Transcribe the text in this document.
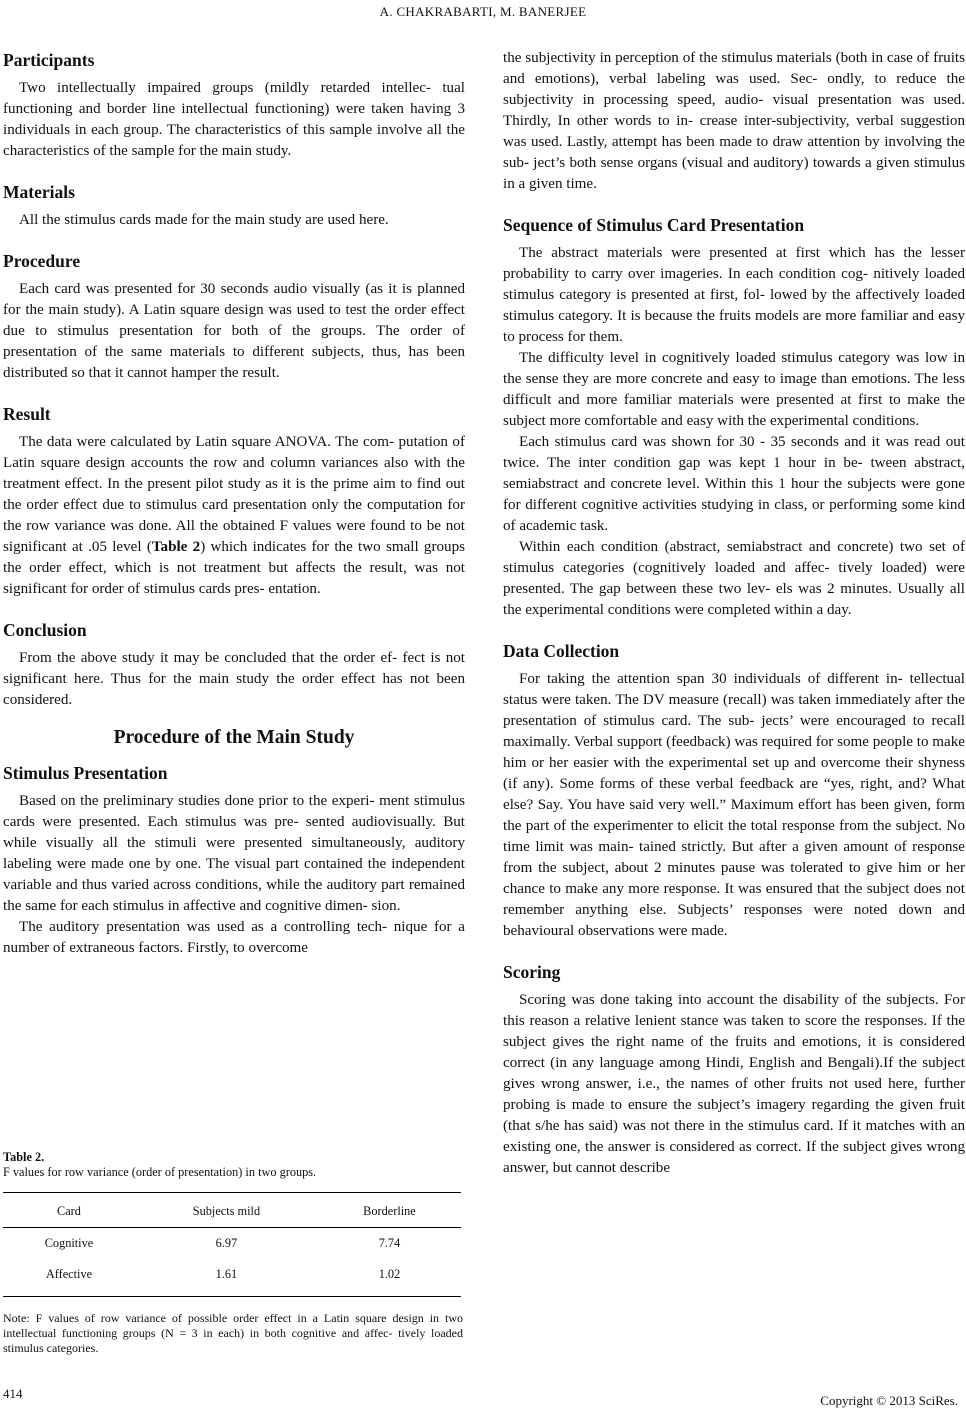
A. CHAKRABARTI, M. BANERJEE
Participants

Two intellectually impaired groups (mildly retarded intellec- tual functioning and border line intellectual functioning) were taken having 3 individuals in each group. The characteristics of this sample involve all the characteristics of the sample for the main study.

Materials

All the stimulus cards made for the main study are used here.

Procedure

Each card was presented for 30 seconds audio visually (as it is planned for the main study). A Latin square design was used to test the order effect due to stimulus presentation for both of the groups. The order of presentation of the same materials to different subjects, thus, has been distributed so that it cannot hamper the result.

Result

The data were calculated by Latin square ANOVA. The com- putation of Latin square design accounts the row and column variances also with the treatment effect. In the present pilot study as it is the prime aim to find out the order effect due to stimulus card presentation only the computation for the row variance was done. All the obtained F values were found to be not significant at .05 level (Table 2) which indicates for the two small groups the order effect, which is not treatment but affects the result, was not significant for order of stimulus cards pres- entation.

Conclusion

From the above study it may be concluded that the order ef- fect is not significant here. Thus for the main study the order effect has not been considered.

Procedure of the Main Study
Stimulus Presentation

Based on the preliminary studies done prior to the experi- ment stimulus cards were presented. Each stimulus was pre- sented audiovisually. But while visually all the stimuli were presented simultaneously, auditory labeling were made one by one. The visual part contained the independent variable and thus varied across conditions, while the auditory part remained the same for each stimulus in affective and cognitive dimen- sion.

The auditory presentation was used as a controlling tech- nique for a number of extraneous factors. Firstly, to overcome

Table 2.
F values for row variance (order of presentation) in two groups.
Card	Subjects mild	Borderline
Cognitive	6.97	7.74
Affective	1.61	1.02
Note: F values of row variance of possible order effect in a Latin square design in two intellectual functioning groups (N = 3 in each) in both cognitive and affec- tively loaded stimulus categories.

the subjectivity in perception of the stimulus materials (both in case of fruits and emotions), verbal labeling was used. Sec- ondly, to reduce the subjectivity in processing speed, audio- visual presentation was used. Thirdly, In other words to in- crease inter-subjectivity, verbal suggestion was used. Lastly, attempt has been made to draw attention by involving the sub- ject’s both sense organs (visual and auditory) towards a given stimulus in a given time.

Sequence of Stimulus Card Presentation

The abstract materials were presented at first which has the lesser probability to carry over imageries. In each condition cog- nitively loaded stimulus category is presented at first, fol- lowed by the affectively loaded stimulus category. It is because the fruits models are more familiar and easy to process for them.

The difficulty level in cognitively loaded stimulus category was low in the sense they are more concrete and easy to image than emotions. The less difficult and more familiar materials were presented at first to make the subject more comfortable and easy with the experimental conditions.

Each stimulus card was shown for 30 - 35 seconds and it was read out twice. The inter condition gap was kept 1 hour in be- tween abstract, semiabstract and concrete level. Within this 1 hour the subjects were gone for different cognitive activities studying in class, or performing some kind of academic task.

Within each condition (abstract, semiabstract and concrete) two set of stimulus categories (cognitively loaded and affec- tively loaded) were presented. The gap between these two lev- els was 2 minutes. Usually all the experimental conditions were completed within a day.

Data Collection

For taking the attention span 30 individuals of different in- tellectual status were taken. The DV measure (recall) was taken immediately after the presentation of stimulus card. The sub- jects’ were encouraged to recall maximally. Verbal support (feedback) was required for some people to make him or her easier with the experimental set up and overcome their shyness (if any). Some forms of these verbal feedback are “yes, right, and? What else? Say. You have said very well.” Maximum effort has been given, form the part of the experimenter to elicit the total response from the subject. No time limit was main- tained strictly. But after a given amount of response from the subject, about 2 minutes pause was tolerated to give him or her chance to make any more response. It was ensured that the subject does not remember anything else. Subjects’ responses were noted down and behavioural observations were made.

Scoring

Scoring was done taking into account the disability of the subjects. For this reason a relative lenient stance was taken to score the responses. If the subject gives the right name of the fruits and emotions, it is considered correct (in any language among Hindi, English and Bengali).If the subject gives wrong answer, i.e., the names of other fruits not used here, further probing is made to ensure the subject’s imagery regarding the given fruit (that s/he has said) was not there in the stimulus card. If it matches with an existing one, the answer is considered as correct. If the subject gives wrong answer, but cannot describe

414	Copyright © 2013 SciRes.
